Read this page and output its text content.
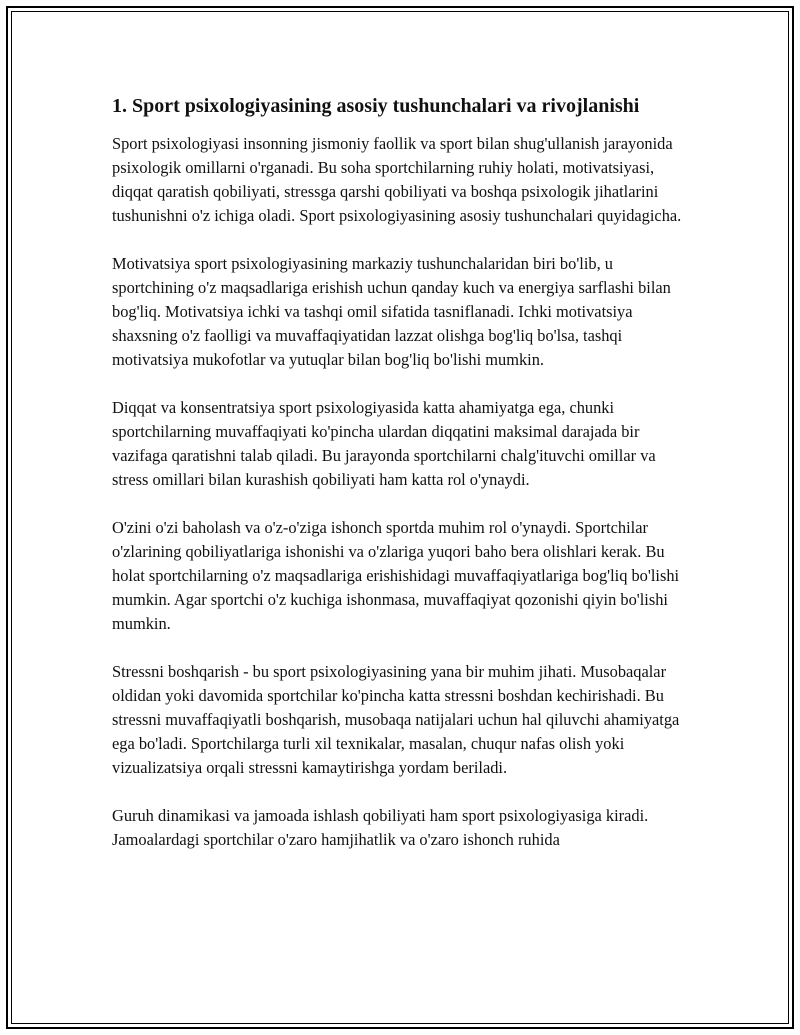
1. Sport psixologiyasining asosiy tushunchalari va rivojlanishi

Sport psixologiyasi insonning jismoniy faollik va sport bilan shug'ullanish jarayonida psixologik omillarni o'rganadi. Bu soha sportchilarning ruhiy holati, motivatsiyasi, diqqat qaratish qobiliyati, stressga qarshi qobiliyati va boshqa psixologik jihatlarini tushunishni o'z ichiga oladi. Sport psixologiyasining asosiy tushunchalari quyidagicha.

Motivatsiya sport psixologiyasining markaziy tushunchalaridan biri bo'lib, u sportchining o'z maqsadlariga erishish uchun qanday kuch va energiya sarflashi bilan bog'liq. Motivatsiya ichki va tashqi omil sifatida tasniflanadi. Ichki motivatsiya shaxsning o'z faolligi va muvaffaqiyatidan lazzat olishga bog'liq bo'lsa, tashqi motivatsiya mukofotlar va yutuqlar bilan bog'liq bo'lishi mumkin.

Diqqat va konsentratsiya sport psixologiyasida katta ahamiyatga ega, chunki sportchilarning muvaffaqiyati ko'pincha ulardan diqqatini maksimal darajada bir vazifaga qaratishni talab qiladi. Bu jarayonda sportchilarni chalg'ituvchi omillar va stress omillari bilan kurashish qobiliyati ham katta rol o'ynaydi.

O'zini o'zi baholash va o'z-o'ziga ishonch sportda muhim rol o'ynaydi. Sportchilar o'zlarining qobiliyatlariga ishonishi va o'zlariga yuqori baho bera olishlari kerak. Bu holat sportchilarning o'z maqsadlariga erishishidagi muvaffaqiyatlariga bog'liq bo'lishi mumkin. Agar sportchi o'z kuchiga ishonmasa, muvaffaqiyat qozonishi qiyin bo'lishi mumkin.

Stressni boshqarish - bu sport psixologiyasining yana bir muhim jihati. Musobaqalar oldidan yoki davomida sportchilar ko'pincha katta stressni boshdan kechirishadi. Bu stressni muvaffaqiyatli boshqarish, musobaqa natijalari uchun hal qiluvchi ahamiyatga ega bo'ladi. Sportchilarga turli xil texnikalar, masalan, chuqur nafas olish yoki vizualizatsiya orqali stressni kamaytirishga yordam beriladi.

Guruh dinamikasi va jamoada ishlash qobiliyati ham sport psixologiyasiga kiradi. Jamoalardagi sportchilar o'zaro hamjihatlik va o'zaro ishonch ruhida
